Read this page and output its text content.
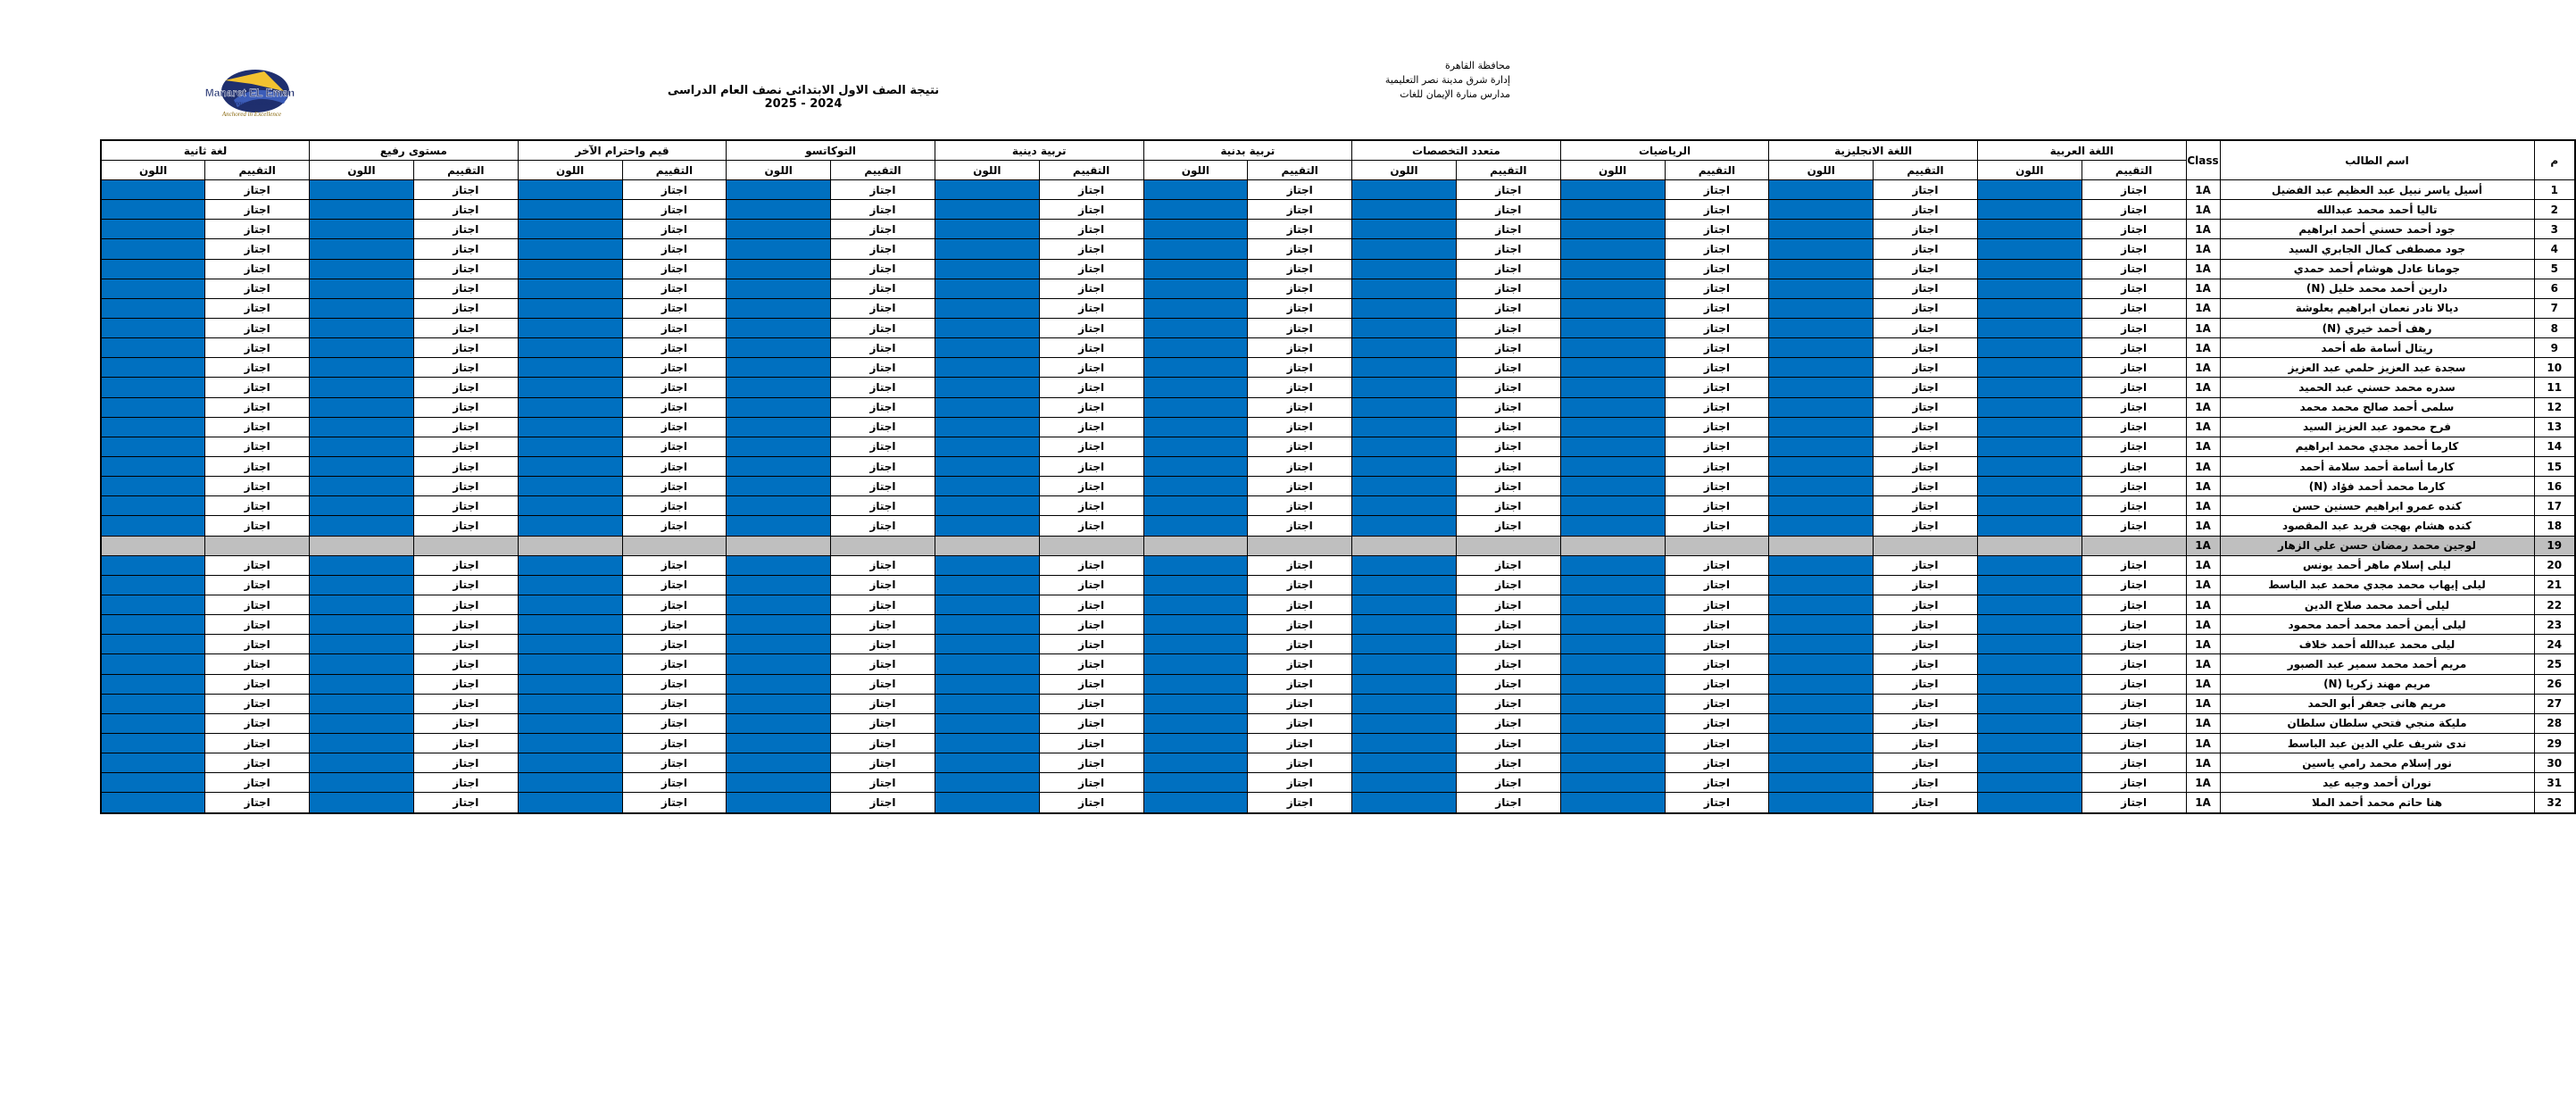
محافظة القاهرة
إدارة شرق مدينة نصر التعليمية
مدارس منارة الإيمان للغات
نتيجة الصف الاول الابتدائى نصف العام الدراسى 2024 - 2025
Manaret EL Eman
Language Schools
Anchored in Excellence
م	اسم الطالب	Class	اللغة العربية		اللغة الانجليزية		الرياضيات		متعدد التخصصات		تربية بدنية		تربية دينية		التوكاتسو		قيم واحترام الآخر		مستوى رفيع		لغة ثانية	
			التقييم	اللون	التقييم	اللون	التقييم	اللون	التقييم	اللون	التقييم	اللون	التقييم	اللون	التقييم	اللون	التقييم	اللون	التقييم	اللون	التقييم	اللون
1	أسيل ياسر نبيل عبد العظيم عبد الفضيل	1A	اجتاز		اجتاز		اجتاز		اجتاز		اجتاز		اجتاز		اجتاز		اجتاز		اجتاز		اجتاز	
2	تاليا أحمد محمد عبدالله	1A	اجتاز		اجتاز		اجتاز		اجتاز		اجتاز		اجتاز		اجتاز		اجتاز		اجتاز		اجتاز	
3	جود أحمد حسني أحمد ابراهيم	1A	اجتاز		اجتاز		اجتاز		اجتاز		اجتاز		اجتاز		اجتاز		اجتاز		اجتاز		اجتاز	
4	جود مصطفى كمال الجابري السيد	1A	اجتاز		اجتاز		اجتاز		اجتاز		اجتاز		اجتاز		اجتاز		اجتاز		اجتاز		اجتاز	
5	جومانا عادل هوشام أحمد حمدي	1A	اجتاز		اجتاز		اجتاز		اجتاز		اجتاز		اجتاز		اجتاز		اجتاز		اجتاز		اجتاز	
6	دارين أحمد محمد خليل (N)	1A	اجتاز		اجتاز		اجتاز		اجتاز		اجتاز		اجتاز		اجتاز		اجتاز		اجتاز		اجتاز	
7	ديالا نادر نعمان ابراهيم بعلوشة	1A	اجتاز		اجتاز		اجتاز		اجتاز		اجتاز		اجتاز		اجتاز		اجتاز		اجتاز		اجتاز	
8	رهف أحمد خيري (N)	1A	اجتاز		اجتاز		اجتاز		اجتاز		اجتاز		اجتاز		اجتاز		اجتاز		اجتاز		اجتاز	
9	ريتال أسامة طه أحمد	1A	اجتاز		اجتاز		اجتاز		اجتاز		اجتاز		اجتاز		اجتاز		اجتاز		اجتاز		اجتاز	
10	سجدة عبد العزيز حلمي عبد العزيز	1A	اجتاز		اجتاز		اجتاز		اجتاز		اجتاز		اجتاز		اجتاز		اجتاز		اجتاز		اجتاز	
11	سدره محمد حسني عبد الحميد	1A	اجتاز		اجتاز		اجتاز		اجتاز		اجتاز		اجتاز		اجتاز		اجتاز		اجتاز		اجتاز	
12	سلمى أحمد صالح محمد محمد	1A	اجتاز		اجتاز		اجتاز		اجتاز		اجتاز		اجتاز		اجتاز		اجتاز		اجتاز		اجتاز	
13	فرح محمود عبد العزيز السيد	1A	اجتاز		اجتاز		اجتاز		اجتاز		اجتاز		اجتاز		اجتاز		اجتاز		اجتاز		اجتاز	
14	كارما أحمد مجدي محمد ابراهيم	1A	اجتاز		اجتاز		اجتاز		اجتاز		اجتاز		اجتاز		اجتاز		اجتاز		اجتاز		اجتاز	
15	كارما أسامة أحمد سلامة أحمد	1A	اجتاز		اجتاز		اجتاز		اجتاز		اجتاز		اجتاز		اجتاز		اجتاز		اجتاز		اجتاز	
16	كارما محمد أحمد فؤاد (N)	1A	اجتاز		اجتاز		اجتاز		اجتاز		اجتاز		اجتاز		اجتاز		اجتاز		اجتاز		اجتاز	
17	كنده عمرو ابراهيم حسنين حسن	1A	اجتاز		اجتاز		اجتاز		اجتاز		اجتاز		اجتاز		اجتاز		اجتاز		اجتاز		اجتاز	
18	كنده هشام بهجت فريد عبد المقصود	1A	اجتاز		اجتاز		اجتاز		اجتاز		اجتاز		اجتاز		اجتاز		اجتاز		اجتاز		اجتاز	
19	لوجين محمد رمضان حسن علي الزهار	1A																				
20	ليلى إسلام ماهر أحمد يونس	1A	اجتاز		اجتاز		اجتاز		اجتاز		اجتاز		اجتاز		اجتاز		اجتاز		اجتاز		اجتاز	
21	ليلى إيهاب محمد مجدي محمد عبد الباسط	1A	اجتاز		اجتاز		اجتاز		اجتاز		اجتاز		اجتاز		اجتاز		اجتاز		اجتاز		اجتاز	
22	ليلى أحمد محمد صلاح الدين	1A	اجتاز		اجتاز		اجتاز		اجتاز		اجتاز		اجتاز		اجتاز		اجتاز		اجتاز		اجتاز	
23	ليلى أيمن أحمد محمد أحمد محمود	1A	اجتاز		اجتاز		اجتاز		اجتاز		اجتاز		اجتاز		اجتاز		اجتاز		اجتاز		اجتاز	
24	ليلى محمد عبدالله أحمد خلاف	1A	اجتاز		اجتاز		اجتاز		اجتاز		اجتاز		اجتاز		اجتاز		اجتاز		اجتاز		اجتاز	
25	مريم أحمد محمد سمير عبد الصبور	1A	اجتاز		اجتاز		اجتاز		اجتاز		اجتاز		اجتاز		اجتاز		اجتاز		اجتاز		اجتاز	
26	مريم مهند زكريا (N)	1A	اجتاز		اجتاز		اجتاز		اجتاز		اجتاز		اجتاز		اجتاز		اجتاز		اجتاز		اجتاز	
27	مريم هانى جعفر أبو الحمد	1A	اجتاز		اجتاز		اجتاز		اجتاز		اجتاز		اجتاز		اجتاز		اجتاز		اجتاز		اجتاز	
28	مليكة منجي فتحي سلطان سلطان	1A	اجتاز		اجتاز		اجتاز		اجتاز		اجتاز		اجتاز		اجتاز		اجتاز		اجتاز		اجتاز	
29	ندى شريف علي الدين عبد الباسط	1A	اجتاز		اجتاز		اجتاز		اجتاز		اجتاز		اجتاز		اجتاز		اجتاز		اجتاز		اجتاز	
30	نور إسلام محمد رامي ياسين	1A	اجتاز		اجتاز		اجتاز		اجتاز		اجتاز		اجتاز		اجتاز		اجتاز		اجتاز		اجتاز	
31	نوران أحمد وجيه عيد	1A	اجتاز		اجتاز		اجتاز		اجتاز		اجتاز		اجتاز		اجتاز		اجتاز		اجتاز		اجتاز	
32	هنا حاتم محمد أحمد الملا	1A	اجتاز		اجتاز		اجتاز		اجتاز		اجتاز		اجتاز		اجتاز		اجتاز		اجتاز		اجتاز	
